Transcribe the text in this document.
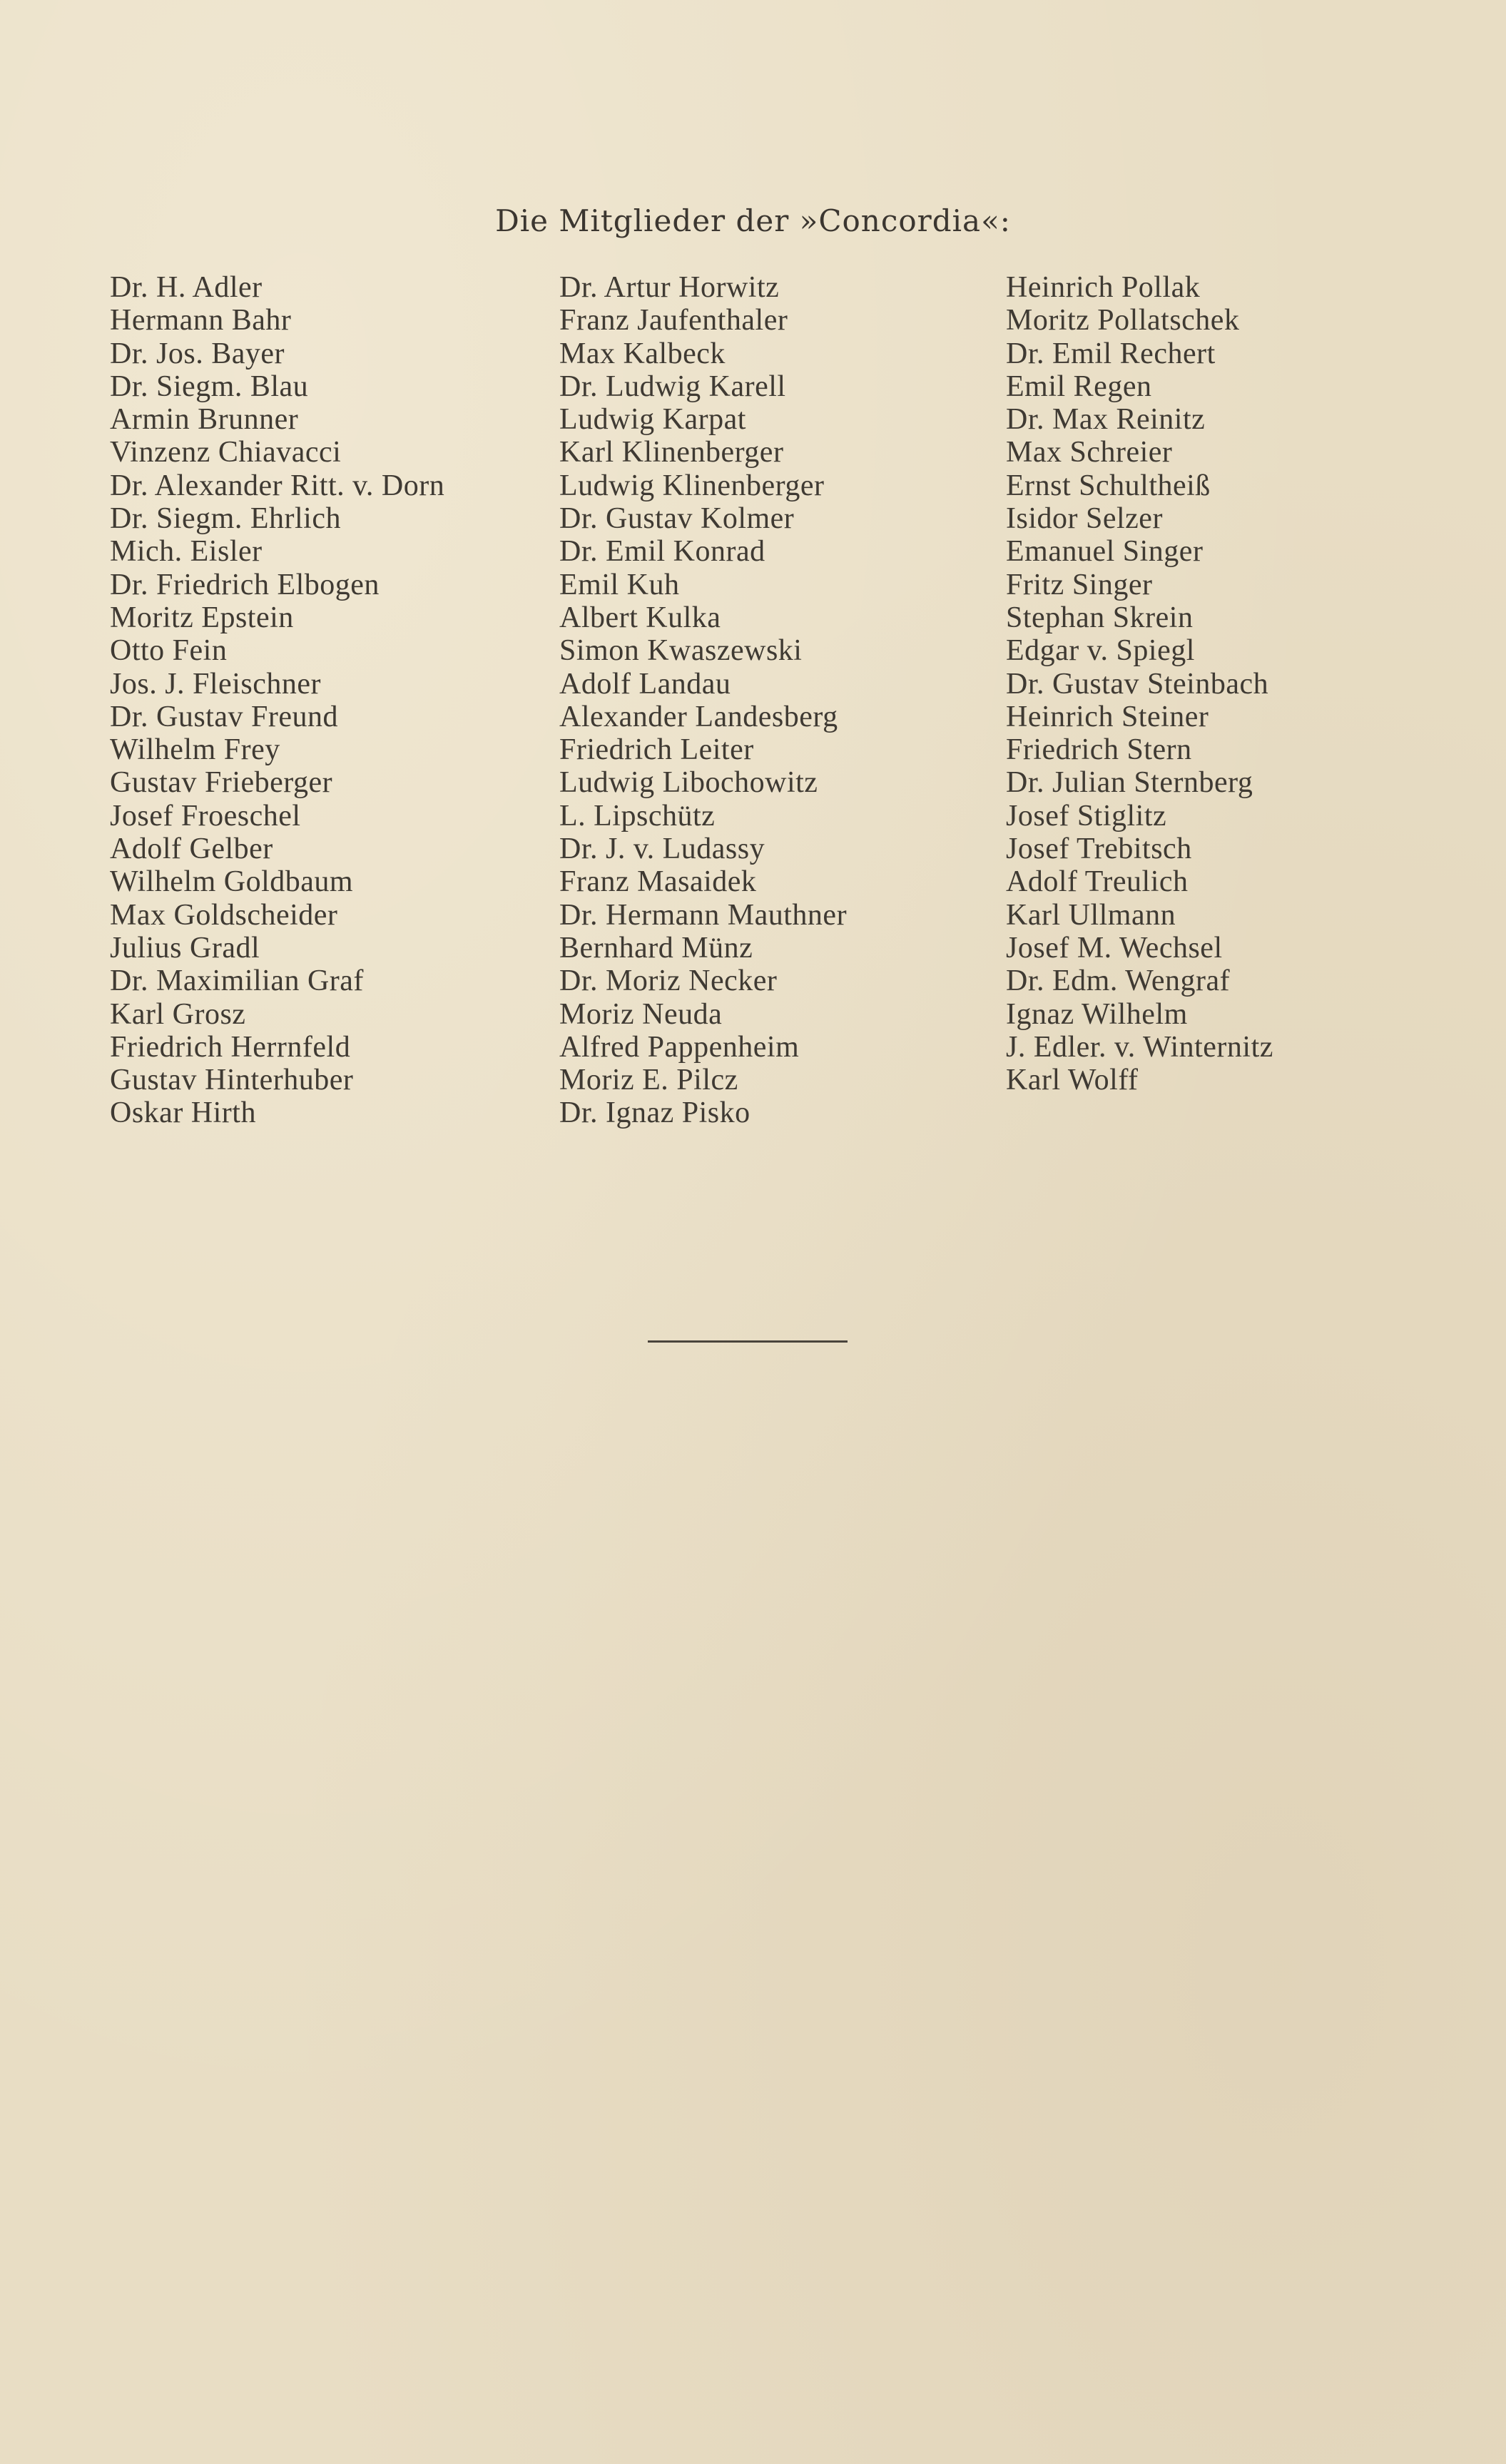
Die Mitglieder der »Concordia«:
Dr. H. Adler
Hermann Bahr
Dr. Jos. Bayer
Dr. Siegm. Blau
Armin Brunner
Vinzenz Chiavacci
Dr. Alexander Ritt. v. Dorn
Dr. Siegm. Ehrlich
Mich. Eisler
Dr. Friedrich Elbogen
Moritz Epstein
Otto Fein
Jos. J. Fleischner
Dr. Gustav Freund
Wilhelm Frey
Gustav Frieberger
Josef Froeschel
Adolf Gelber
Wilhelm Goldbaum
Max Goldscheider
Julius Gradl
Dr. Maximilian Graf
Karl Grosz
Friedrich Herrnfeld
Gustav Hinterhuber
Oskar Hirth
Dr. Artur Horwitz
Franz Jaufenthaler
Max Kalbeck
Dr. Ludwig Karell
Ludwig Karpat
Karl Klinenberger
Ludwig Klinenberger
Dr. Gustav Kolmer
Dr. Emil Konrad
Emil Kuh
Albert Kulka
Simon Kwaszewski
Adolf Landau
Alexander Landesberg
Friedrich Leiter
Ludwig Libochowitz
L. Lipschütz
Dr. J. v. Ludassy
Franz Masaidek
Dr. Hermann Mauthner
Bernhard Münz
Dr. Moriz Necker
Moriz Neuda
Alfred Pappenheim
Moriz E. Pilcz
Dr. Ignaz Pisko
Heinrich Pollak
Moritz Pollatschek
Dr. Emil Rechert
Emil Regen
Dr. Max Reinitz
Max Schreier
Ernst Schultheiß
Isidor Selzer
Emanuel Singer
Fritz Singer
Stephan Skrein
Edgar v. Spiegl
Dr. Gustav Steinbach
Heinrich Steiner
Friedrich Stern
Dr. Julian Sternberg
Josef Stiglitz
Josef Trebitsch
Adolf Treulich
Karl Ullmann
Josef M. Wechsel
Dr. Edm. Wengraf
Ignaz Wilhelm
J. Edler. v. Winternitz
Karl Wolff
